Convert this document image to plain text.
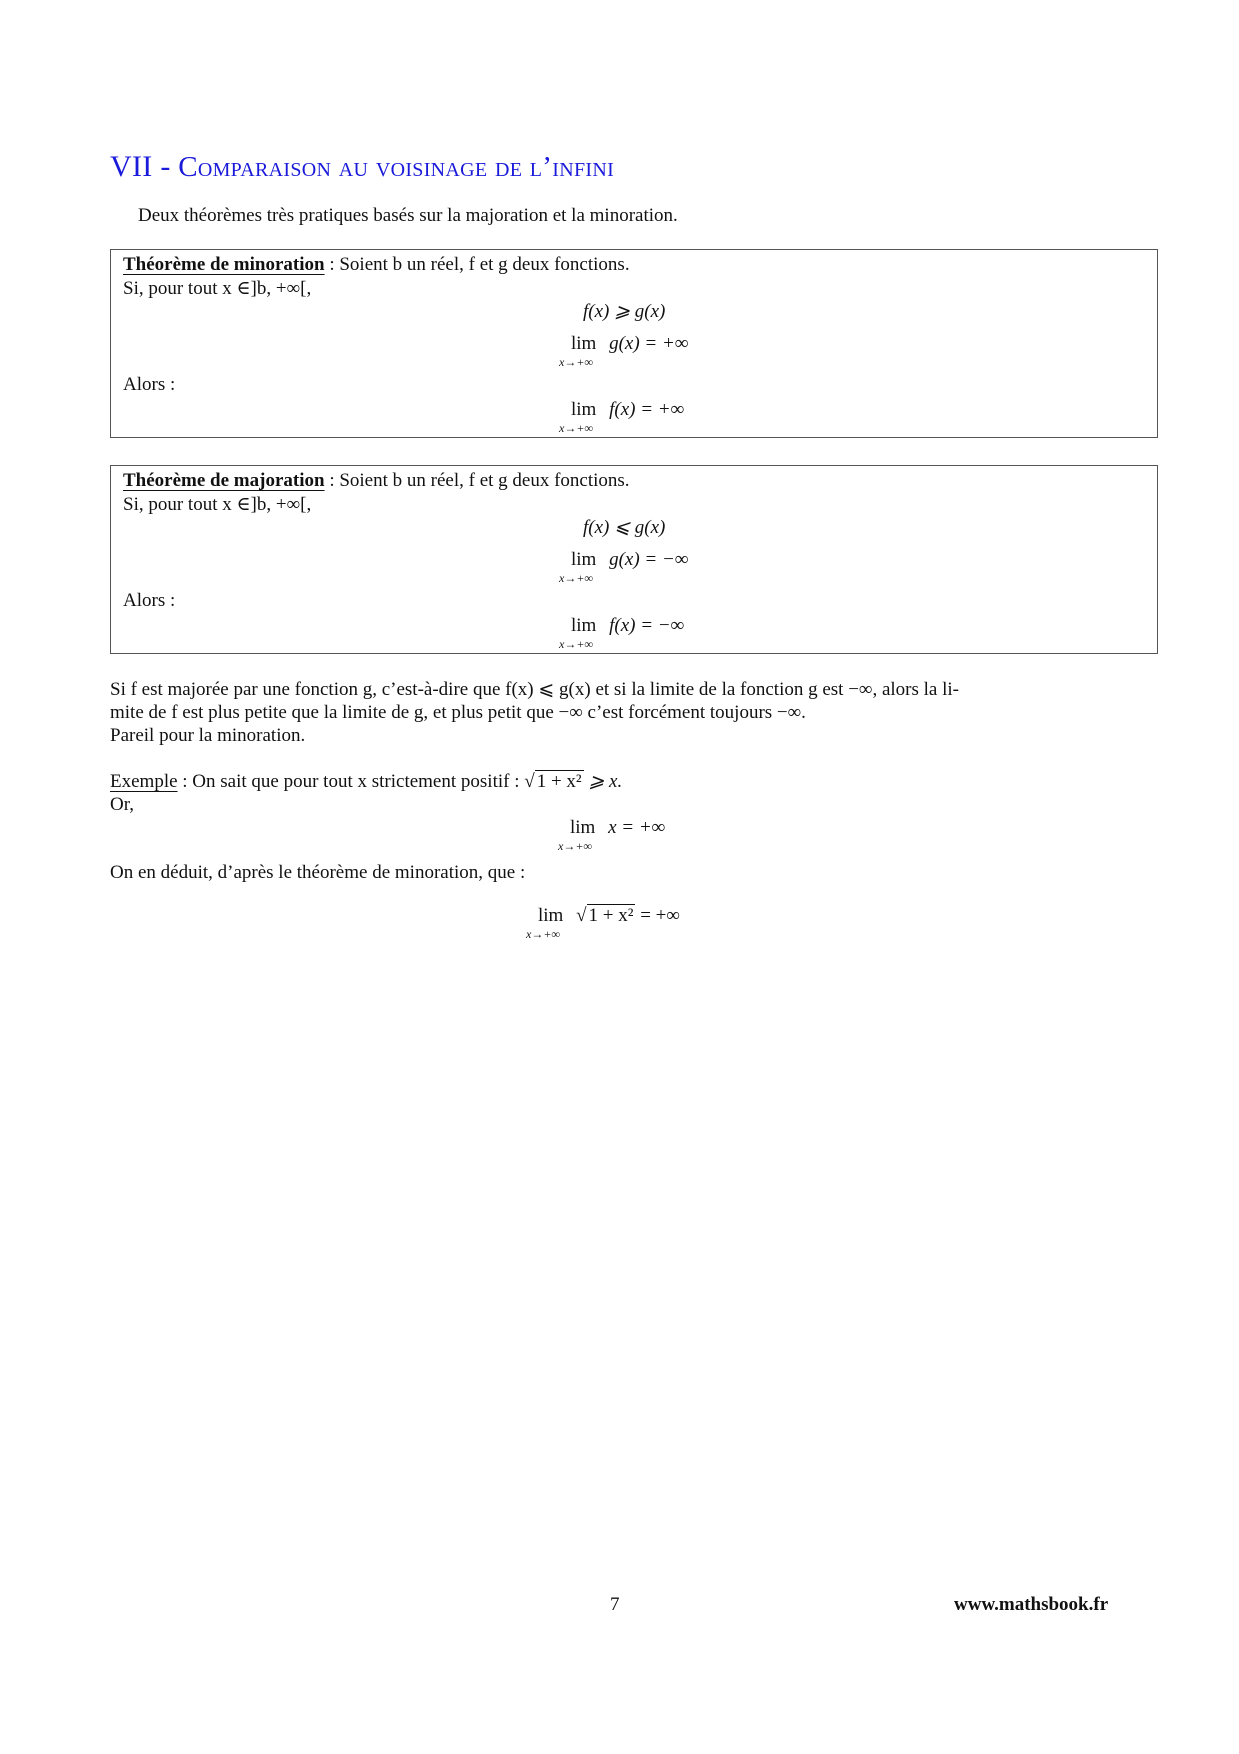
VII - Comparaison au voisinage de l’infini
Deux théorèmes très pratiques basés sur la majoration et la minoration.
Théorème de minoration : Soient b un réel, f et g deux fonctions.
Si, pour tout x ∈]b, +∞[,
f(x) ⩾ g(x)
lim
x→+∞
g(x) = +∞
Alors :
lim
x→+∞
f(x) = +∞
Théorème de majoration : Soient b un réel, f et g deux fonctions.
Si, pour tout x ∈]b, +∞[,
f(x) ⩽ g(x)
lim
x→+∞
g(x) = −∞
Alors :
lim
x→+∞
f(x) = −∞
Si f est majorée par une fonction g, c’est-à-dire que f(x) ⩽ g(x) et si la limite de la fonction g est −∞, alors la li-
mite de f est plus petite que la limite de g, et plus petit que −∞ c’est forcément toujours −∞.
Pareil pour la minoration.
Exemple : On sait que pour tout x strictement positif : √ 1 + x² ⩾ x.
Or,
lim
x→+∞
x = +∞
On en déduit, d’après le théorème de minoration, que :
lim
x→+∞
√ 1 + x² = +∞
7	www.mathsbook.fr
